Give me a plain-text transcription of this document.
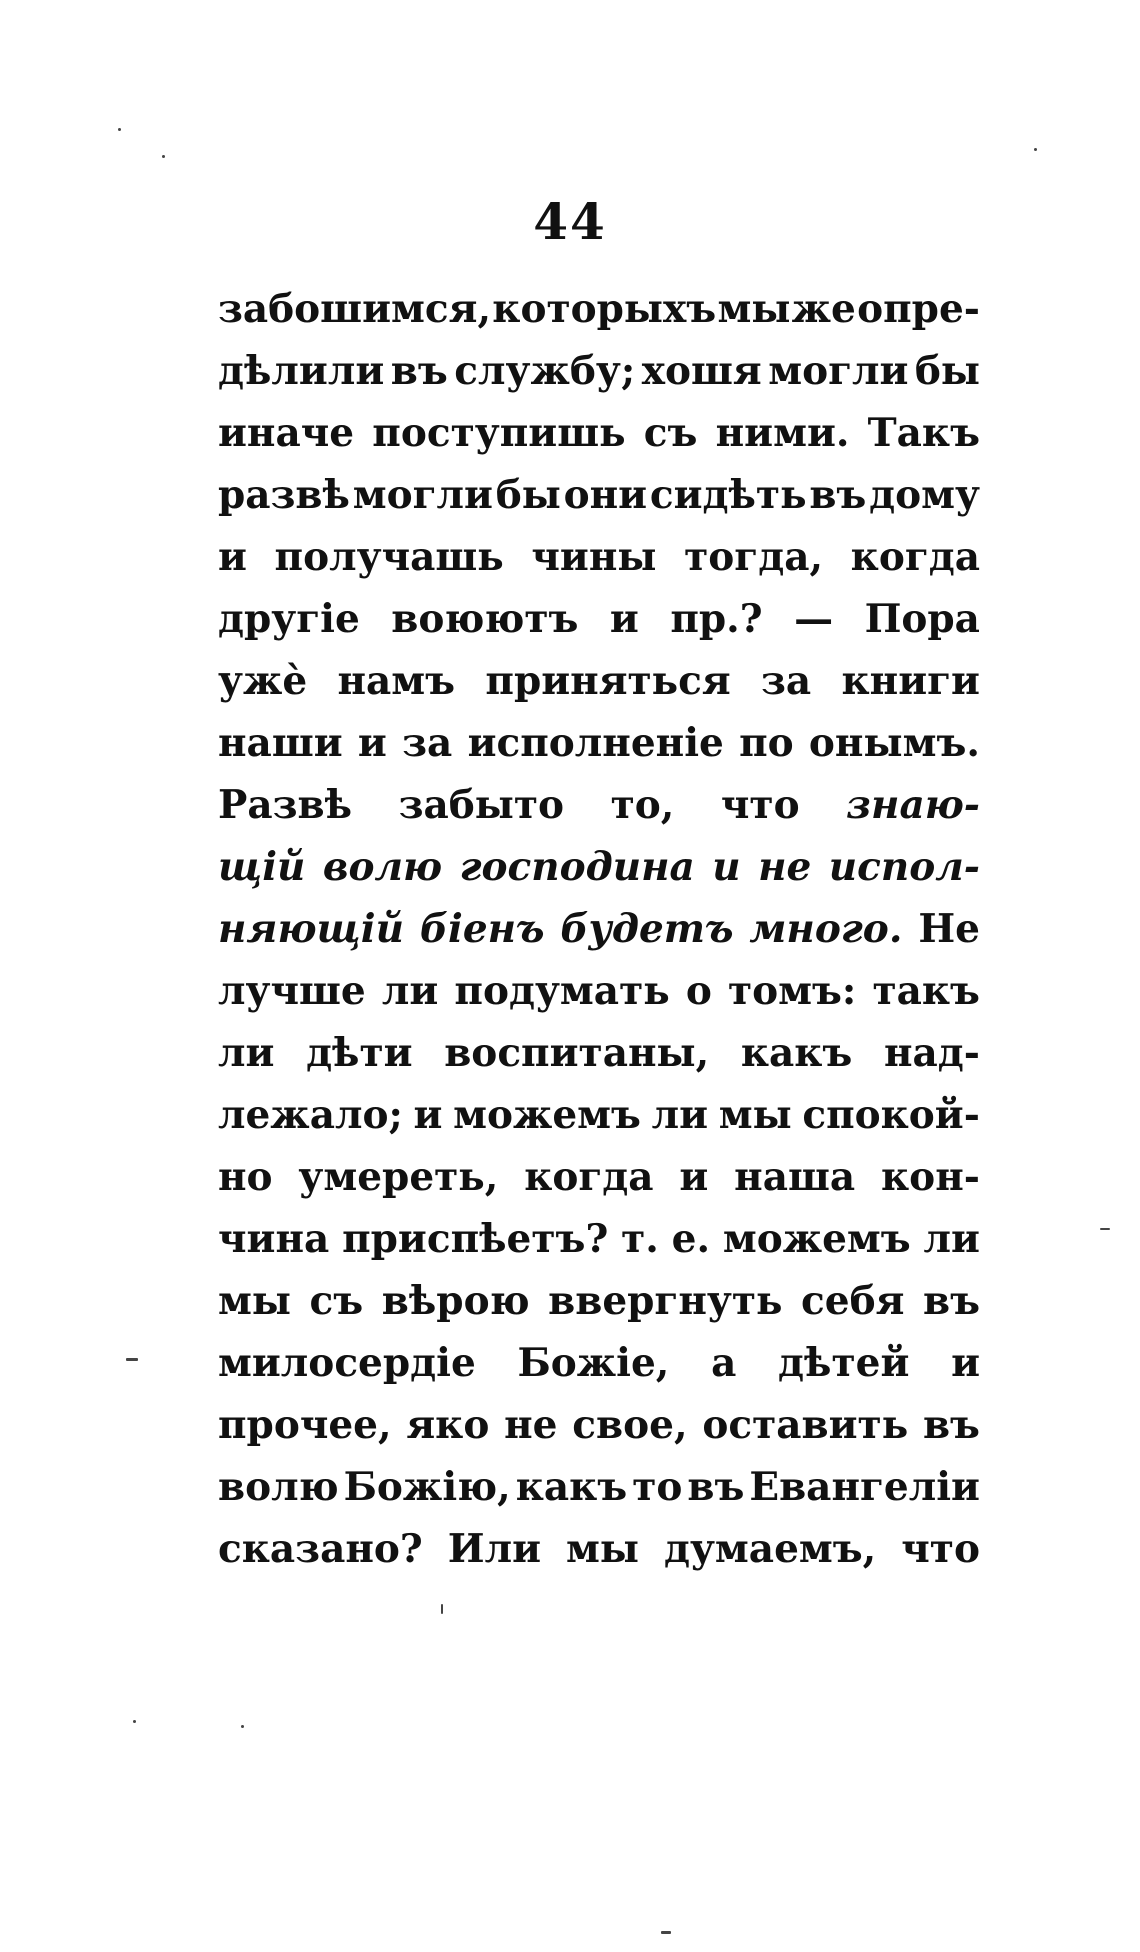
44
забошимся, которыхъ мы же опре-
дѣлили въ службу; хошя могли бы
иначе поступишь съ ними. Такъ
развѣ могли бы они сидѣть въ дому
и получашь чины тогда, когда
другіе воюютъ и пр.? — Пора
ужѐ намъ приняться за книги
наши и за исполненіе по онымъ.
Развѣ забыто то, что знаю-
щій волю господина и не испол-
няющій біенъ будетъ много. Не
лучше ли подумать о томъ: такъ
ли дѣти воспитаны, какъ над-
лежало; и можемъ ли мы спокой-
но умереть, когда и наша кон-
чина приспѣетъ? т. е. можемъ ли
мы съ вѣрою ввергнуть себя въ
милосердіе Божіе, а дѣтей и
прочее, яко не свое, оставить въ
волю Божію, какъ то въ Евангеліи
сказано? Или мы думаемъ, что
